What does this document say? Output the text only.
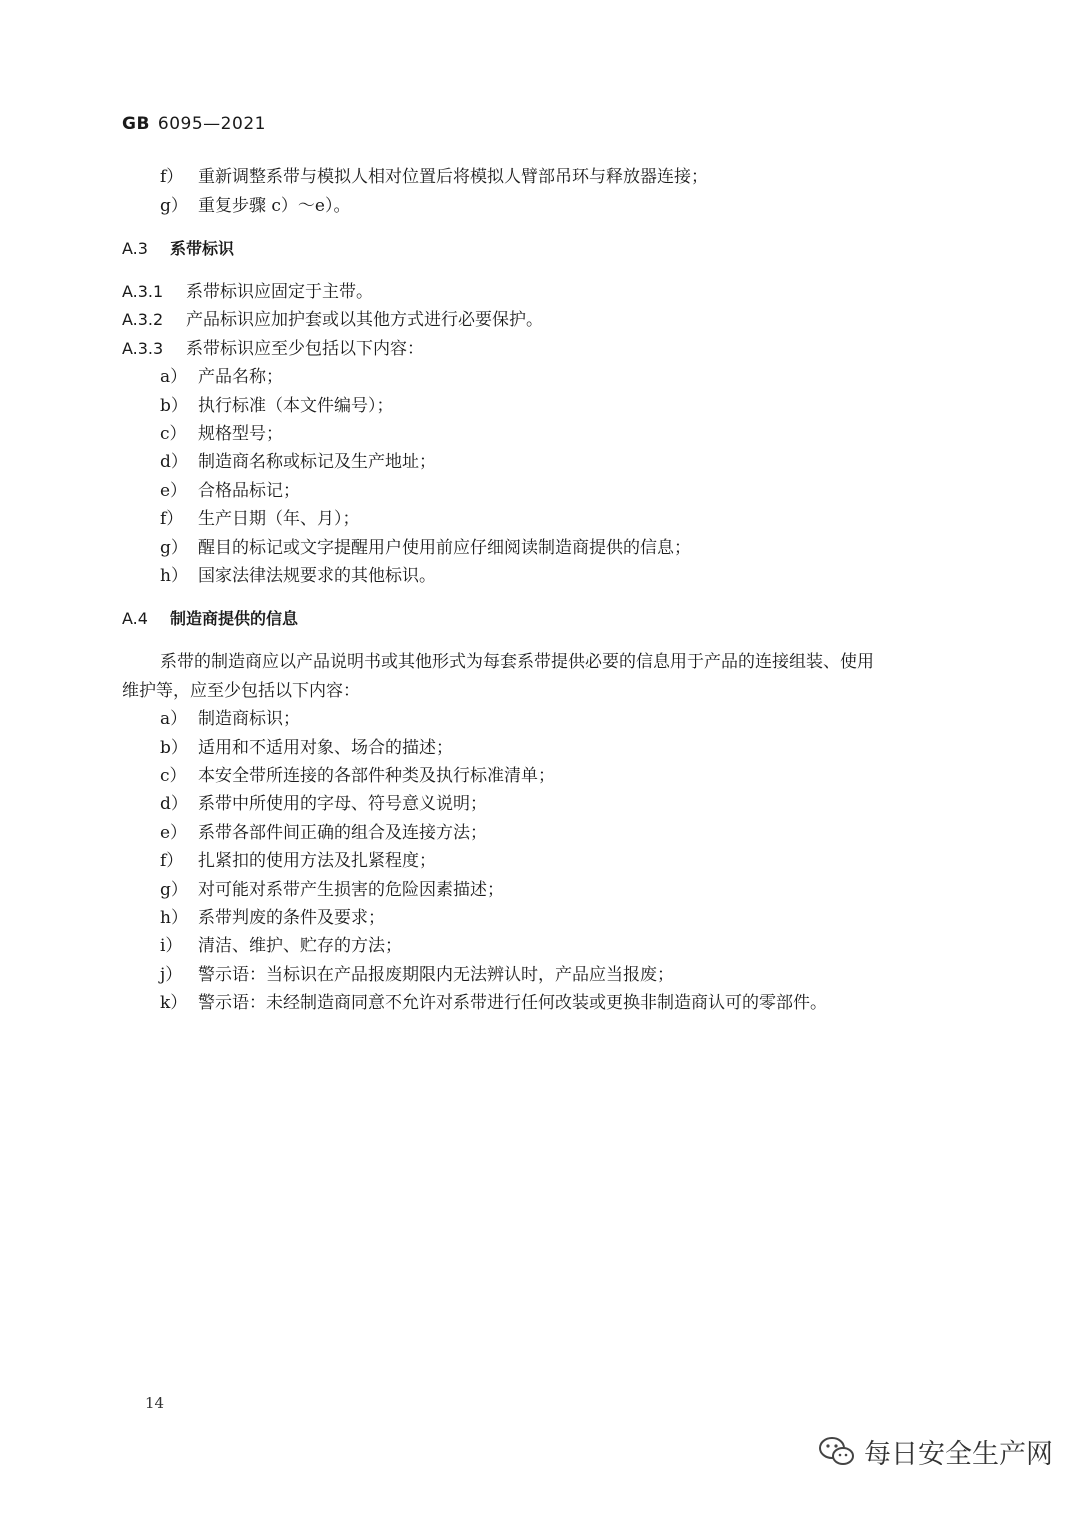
GB 6095—2021
f） 重新调整系带与模拟人相对位置后将模拟人臂部吊环与释放器连接；
g） 重复步骤 c）～e）。
A.3 系带标识
A.3.1 系带标识应固定于主带。
A.3.2 产品标识应加护套或以其他方式进行必要保护。
A.3.3 系带标识应至少包括以下内容：
a） 产品名称；
b） 执行标准（本文件编号）；
c） 规格型号；
d） 制造商名称或标记及生产地址；
e） 合格品标记；
f） 生产日期（年、月）；
g） 醒目的标记或文字提醒用户使用前应仔细阅读制造商提供的信息；
h） 国家法律法规要求的其他标识。
A.4 制造商提供的信息
系带的制造商应以产品说明书或其他形式为每套系带提供必要的信息用于产品的连接组装、使用
维护等，应至少包括以下内容：
a） 制造商标识；
b） 适用和不适用对象、场合的描述；
c） 本安全带所连接的各部件种类及执行标准清单；
d） 系带中所使用的字母、符号意义说明；
e） 系带各部件间正确的组合及连接方法；
f） 扎紧扣的使用方法及扎紧程度；
g） 对可能对系带产生损害的危险因素描述；
h） 系带判废的条件及要求；
i） 清洁、维护、贮存的方法；
j） 警示语：当标识在产品报废期限内无法辨认时，产品应当报废；
k） 警示语：未经制造商同意不允许对系带进行任何改装或更换非制造商认可的零部件。
14
每日安全生产网
